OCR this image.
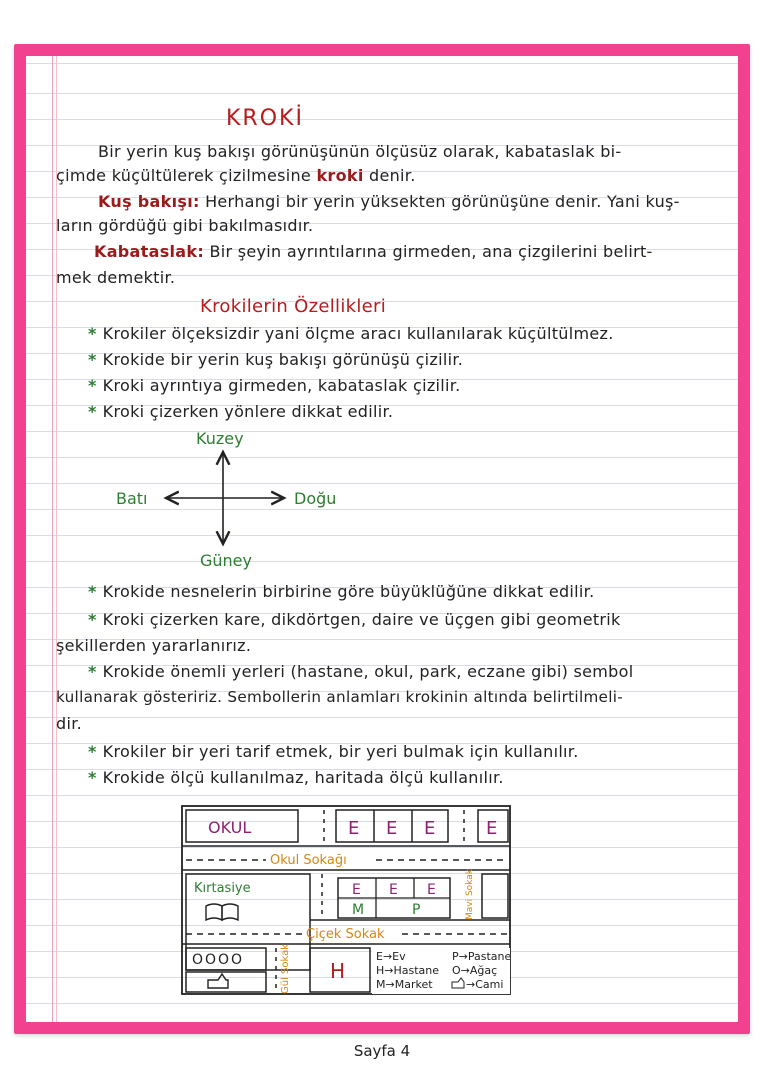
KROKİ
Bir yerin kuş bakışı görünüşünün ölçüsüz olarak, kabataslak bi-
çimde küçültülerek çizilmesine kroki denir.
Kuş bakışı: Herhangi bir yerin yüksekten görünüşüne denir. Yani kuş-
ların gördüğü gibi bakılmasıdır.
Kabataslak: Bir şeyin ayrıntılarına girmeden, ana çizgilerini belirt-
mek demektir.
Krokilerin Özellikleri
* Krokiler ölçeksizdir yani ölçme aracı kullanılarak küçültülmez.
* Krokide bir yerin kuş bakışı görünüşü çizilir.
* Kroki ayrıntıya girmeden, kabataslak çizilir.
* Kroki çizerken yönlere dikkat edilir.
Kuzey
Güney
Batı	Doğu
* Krokide nesnelerin birbirine göre büyüklüğüne dikkat edilir.
* Kroki çizerken kare, dikdörtgen, daire ve üçgen gibi geometrik
şekillerden yararlanırız.
* Krokide önemli yerleri (hastane, okul, park, eczane gibi) sembol
kullanarak gösteririz. Sembollerin anlamları krokinin altında belirtilmeli-
dir.
* Krokiler bir yeri tarif etmek, bir yeri bulmak için kullanılır.
* Krokide ölçü kullanılmaz, haritada ölçü kullanılır.
OKUL	E E E	E
Okul Sokağı
Kırtasiye	E E E
M	P	Mavi Sokak
Çiçek Sokak
OOOO	Gül Sokak H
E→Ev	P→Pastane
H→Hastane O→Ağaç
M→Market	→Cami
Sayfa 4
